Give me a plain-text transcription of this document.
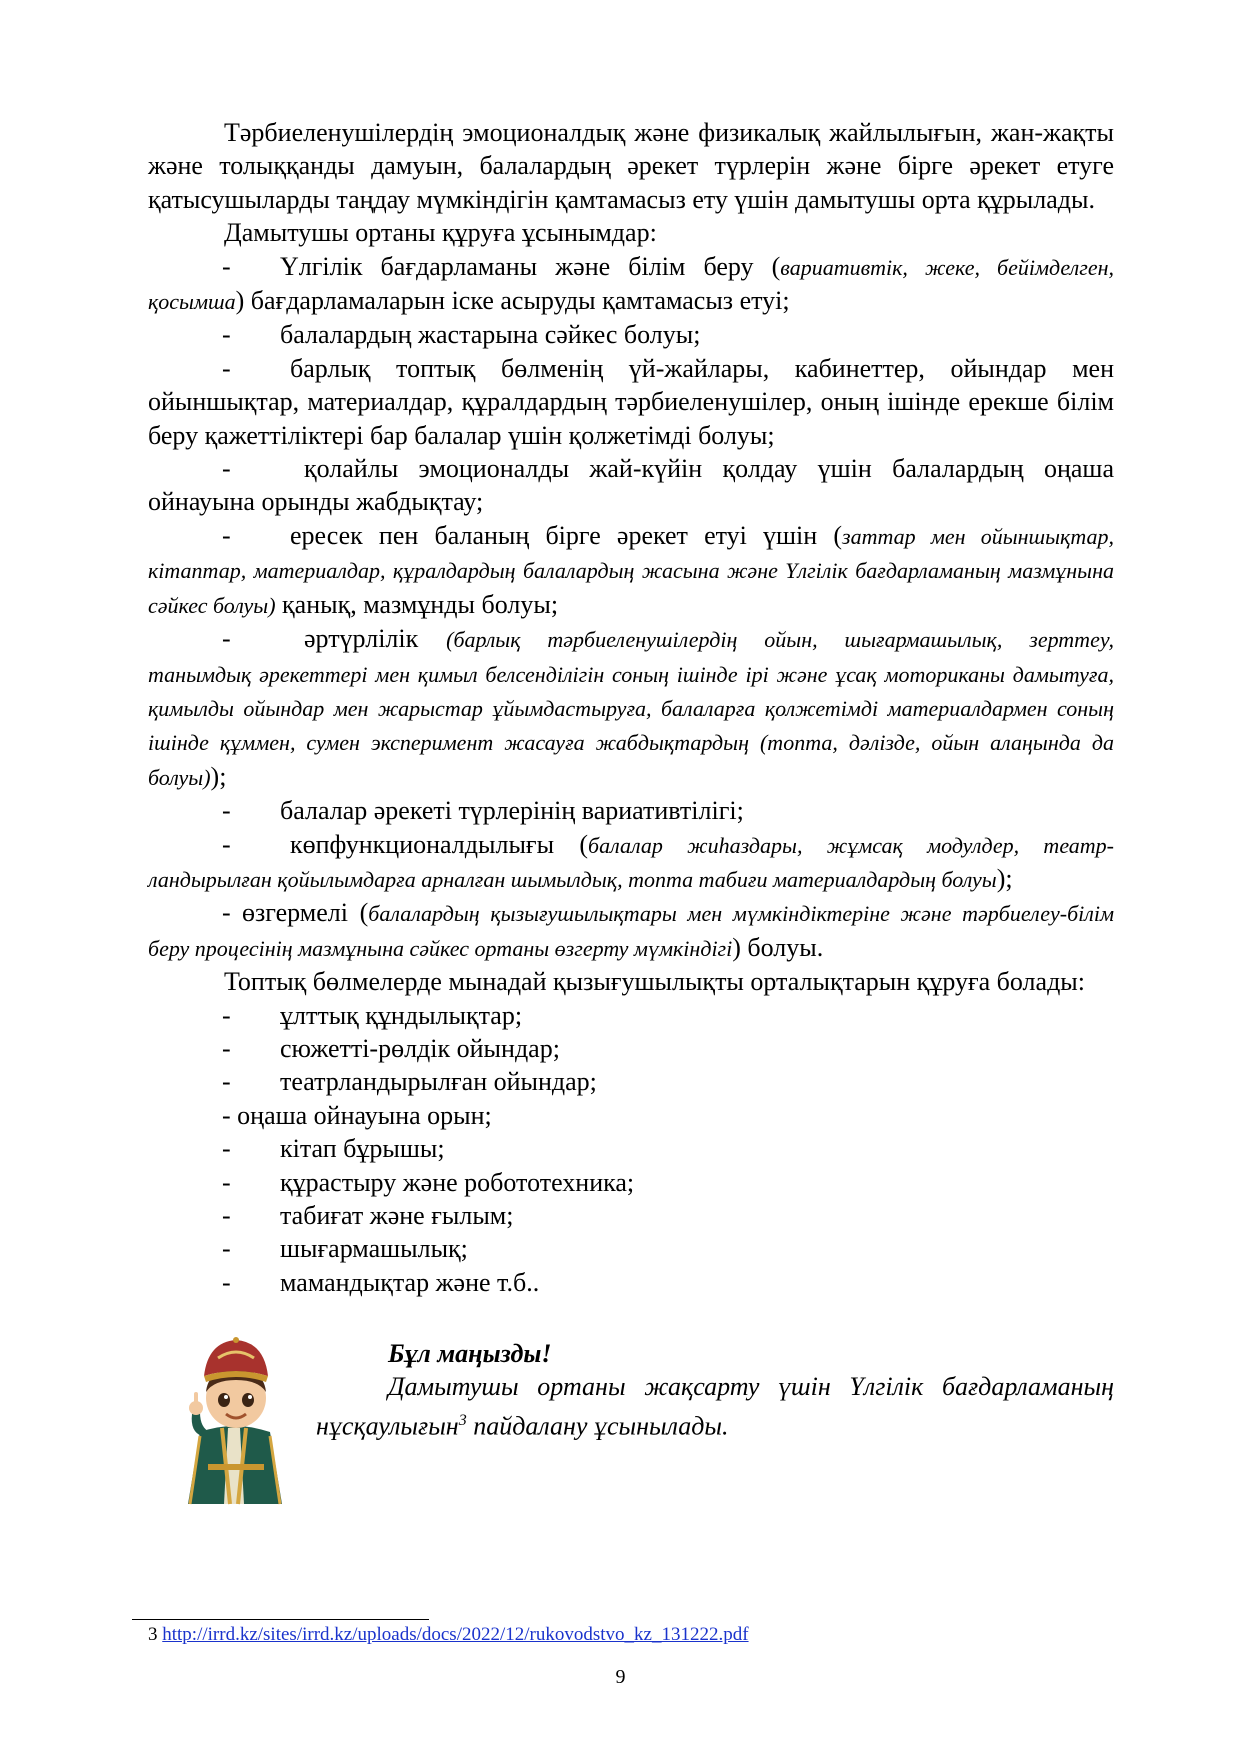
Тәрбиеленушілердің эмоционалдық және физикалық жайлылығын, жан-жақты және толыққанды дамуын, балалардың әрекет түрлерін және бірге әрекет етуге қатысушыларды таңдау мүмкіндігін қамтамасыз ету үшін дамытушы орта құрылады.

Дамытушы ортаны құруға ұсынымдар:

- Үлгілік бағдарламаны және білім беру (вариативтік, жеке, бейімделген, қосымша) бағдарламаларын іске асыруды қамтамасыз етуі;

- балалардың жастарына сәйкес болуы;

- барлық топтық бөлменің үй-жайлары, кабинеттер, ойындар мен ойыншықтар, материалдар, құралдардың тәрбиеленушілер, оның ішінде ерекше білім беру қажеттіліктері бар балалар үшін қолжетімді болуы;

-	қолайлы эмоционалды жай-күйін қолдау үшін балалардың оңаша ойнауына орынды жабдықтау;

- ересек пен баланың бірге әрекет етуі үшін (заттар мен ойыншықтар, кітаптар, материалдар, құралдардың балалардың жасына және Үлгілік бағдарламаның мазмұнына сәйкес болуы) қанық, мазмұнды болуы;

-	әртүрлілік (барлық тәрбиеленушілердің ойын, шығармашылық, зерттеу, танымдық әрекеттері мен қимыл белсенділігін соның ішінде ірі және ұсақ моториканы дамытуға, қимылды ойындар мен жарыстар ұйымдастыруға, балаларға қолжетімді материалдармен соның ішінде құммен, сумен эксперимент жасауға жабдықтардың (топта, дәлізде, ойын алаңында да болуы));

- балалар әрекеті түрлерінің вариативтілігі;

- көпфункционалдылығы (балалар жиһаздары, жұмсақ модулдер, театр-ландырылған қойылымдарға арналған шымылдық, топта табиғи материалдардың болуы);

- өзгермелі (балалардың қызығушылықтары мен мүмкіндіктеріне және тәрбиелеу-білім беру процесінің мазмұнына сәйкес ортаны өзгерту мүмкіндігі) болуы.

Топтық бөлмелерде мынадай қызығушылықты орталықтарын құруға болады:

- ұлттық құндылықтар;

- сюжетті-рөлдік ойындар;

- театрландырылған ойындар;

- оңаша ойнауына орын;

- кітап бұрышы;

- құрастыру және робототехника;

- табиғат және ғылым;

- шығармашылық;

- мамандықтар және т.б..

Бұл маңызды!

Дамытушы ортаны жақсарту үшін Үлгілік бағдарламаның нұсқаулығын$^3$ пайдалану ұсынылады.

3 http://irrd.kz/sites/irrd.kz/uploads/docs/2022/12/rukovodstvo_kz_131222.pdf
9
